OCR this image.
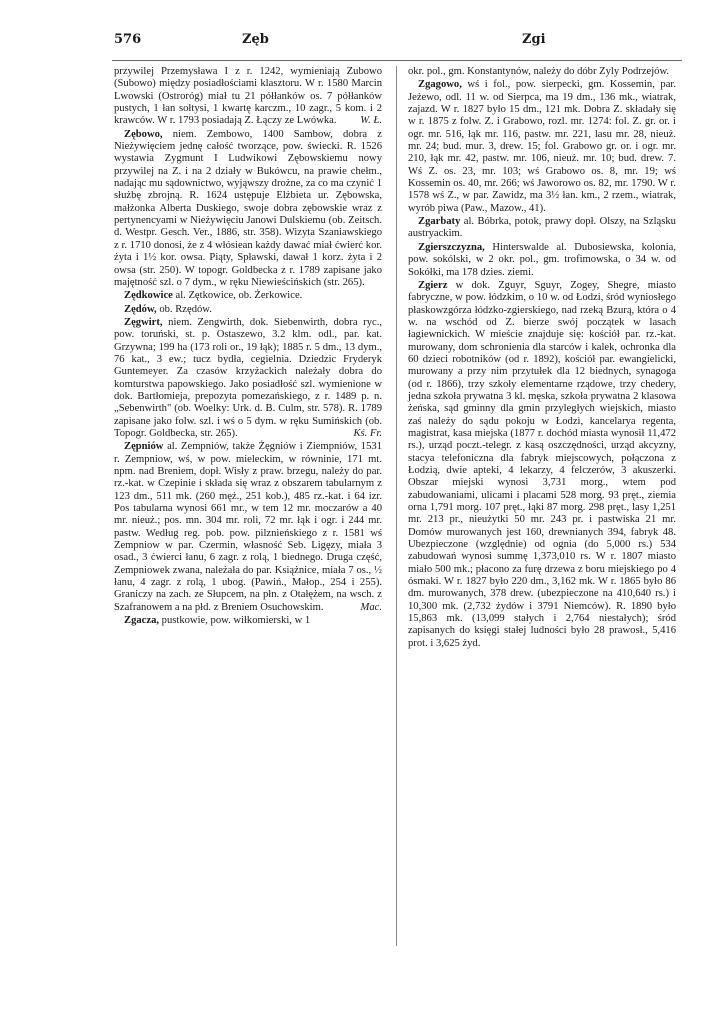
576	Zęb	Zgi

przywilej Przemysława I z r. 1242, wymieniają Zubowo (Subowo) między posiadłościami klasztoru. W r. 1580 Marcin Lwowski (Ostroróg) miał tu 21 półłanków os. 7 półłanków pustych, 1 łan sołtysi, 1 kwartę karczm., 10 zagr., 5 kom. i 2 krawców. W r. 1793 posiadają Z. Łączy ze Lwówka.	W. Ł.

Zębowo, niem. Zembowo, 1400 Sambow, dobra z Nieżywięciem jednę całość tworzące, pow. świecki. R. 1526 wystawia Zygmunt I Ludwikowi Zębowskiemu nowy przywilej na Z. i na 2 działy w Bukówcu, na prawie chełm., nadając mu sądownictwo, wyjąwszy drożne, za co ma czynić 1 służbę zbrojną. R. 1624 ustępuje Elżbieta ur. Zębowska, małżonka Alberta Duskiego, swoje dobra zębowskie wraz z pertynencyami w Nieżywięciu Janowi Dulskiemu (ob. Zeitsch. d. Westpr. Gesch. Ver., 1886, str. 358). Wizyta Szaniawskiego z r. 1710 donosi, że z 4 włósiean każdy dawać miał ćwierć kor. żyta i 1½ kor. owsa. Piąty, Spławski, dawał 1 korz. żyta i 2 owsa (str. 250). W topogr. Goldbecka z r. 1789 zapisane jako majętność szl. o 7 dym., w ręku Niewieścińskich (str. 265).

Zędkowice al. Zętkowice, ob. Żerkowice.

Zędów, ob. Rzędów.

Zęgwirt, niem. Zengwirth, dok. Siebenwirth, dobra ryc., pow. toruński, st. p. Ostaszewo, 3.2 klm. odl., par. kat. Grzywna; 199 ha (173 roli or., 19 łąk); 1885 r. 5 dm., 13 dym., 76 kat., 3 ew.; tucz bydła, cegielnia. Dziedzic Fryderyk Guntemeyer. Za czasów krzyżackich należały dobra do komturstwa papowskiego. Jako posiadłość szl. wymienione w dok. Bartłomieja, prepozyta pomezańskiego, z r. 1489 p. n. „Sebenwirth" (ob. Woelky: Urk. d. B. Culm, str. 578). R. 1789 zapisane jako folw. szl. i wś o 5 dym. w ręku Sumińskich (ob. Topogr. Goldbecka, str. 265).	Kś. Fr.

Zępniów al. Zempniów, także Żęgniów i Ziempniów, 1531 r. Zempniow, wś, w pow. mieleckim, w równinie, 171 mt. npm. nad Breniem, dopł. Wisły z praw. brzegu, należy do par. rz.-kat. w Czepinie i składa się wraz z obszarem tabularnym z 123 dm., 511 mk. (260 męż., 251 kob.), 485 rz.-kat. i 64 izr. Pos tabularna wynosi 661 mr., w tem 12 mr. moczarów a 40 mr. nieuż.; pos. mn. 304 mr. roli, 72 mr. łąk i ogr. i 244 mr. pastw. Według reg. pob. pow. pilznieńskiego z r. 1581 wś Zempniow w par. Czermin, własność Seb. Ligęzy, miała 3 osad., 3 ćwierci łanu, 6 zagr. z rolą, 1 biednego. Druga część, Zempniowek zwana, należała do par. Książnice, miała 7 os., ½ łanu, 4 zagr. z rolą, 1 ubog. (Pawiń., Małop., 254 i 255). Graniczy na zach. ze Słupcem, na płn. z Otałężem, na wsch. z Szafranowem a na płd. z Breniem Osuchowskim.	Mac.

Zgacza, pustkowie, pow. wiłkomierski, w 1

okr. pol., gm. Konstantynów, należy do dóbr Zyly Podrzejów.

Zgagowo, wś i fol., pow. sierpecki, gm. Kossemin, par. Jeżewo, odl. 11 w. od Sierpca, ma 19 dm., 136 mk., wiatrak, zajazd. W r. 1827 było 15 dm., 121 mk. Dobra Z. składały się w r. 1875 z folw. Z. i Grabowo, rozl. mr. 1274: fol. Z. gr. or. i ogr. mr. 516, łąk mr. 116, pastw. mr. 221, lasu mr. 28, nieuż. mr. 24; bud. mur. 3, drew. 15; fol. Grabowo gr. or. i ogr. mr. 210, łąk mr. 42, pastw. mr. 106, nieuż. mr. 10; bud. drew. 7. Wś Z. os. 23, mr. 103; wś Grabowo os. 8, mr. 19; wś Kossemin os. 40, mr. 266; wś Jaworowo os. 82, mr. 1790. W r. 1578 wś Z., w par. Zawidz, ma 3½ łan. km., 2 rzem., wiatrak, wyrób piwa (Paw., Mazow., 41).

Zgarbaty al. Bóbrka, potok, prawy dopł. Olszy, na Szląsku austryackim.

Zgierszczyzna, Hinterswalde al. Dubosiewska, kolonia, pow. sokólski, w 2 okr. pol., gm. trofimowska, o 34 w. od Sokółki, ma 178 dzies. ziemi.

Zgierz w dok. Zguyr, Sguyr, Zogey, Shegre, miasto fabryczne, w pow. łódzkim, o 10 w. od Łodzi, śród wyniosłego płaskowzgórza łódzko-zgierskiego, nad rzeką Bzurą, która o 4 w. na wschód od Z. bierze swój początek w lasach łagiewnickich. W mieście znajduje się: kościół par. rz.-kat. murowany, dom schronienia dla starców i kalek, ochronka dla 60 dzieci robotników (od r. 1892), kościół par. ewangielicki, murowany a przy nim przytułek dla 12 biednych, synagoga (od r. 1866), trzy szkoły elementarne rządowe, trzy chedery, jedna szkoła prywatna 3 kl. męska, szkoła prywatna 2 klasowa żeńska, sąd gminny dla gmin przyległych wiejskich, miasto zaś należy do sądu pokoju w Łodzi, kancelarya regenta, magistrat, kasa miejska (1877 r. dochód miasta wynosił 11,472 rs.), urząd poczt.-telegr. z kasą oszczędności, urząd akcyzny, stacya telefoniczna dla fabryk miejscowych, połączona z Łodzią, dwie apteki, 4 lekarzy, 4 felczerów, 3 akuszerki. Obszar miejski wynosi 3,731 morg., wtem pod zabudowaniami, ulicami i placami 528 morg. 93 pręt., ziemia orna 1,791 morg. 107 pręt., łąki 87 morg. 298 pręt., lasy 1,251 mr. 213 pr., nieużytki 50 mr. 243 pr. i pastwiska 21 mr. Domów murowanych jest 160, drewnianych 394, fabryk 48. Ubezpieczone (względnie) od ognia (do 5,000 rs.) 534 zabudowań wynosi summę 1,373,010 rs. W r. 1807 miasto miało 500 mk.; płacono za furę drzewa z boru miejskiego po 4 ósmaki. W r. 1827 było 220 dm., 3,162 mk. W r. 1865 było 86 dm. murowanych, 378 drew. (ubezpieczone na 410,640 rs.) i 10,300 mk. (2,732 żydów i 3791 Niemców). R. 1890 było 15,863 mk. (13,099 stałych i 2,764 niestałych); śród zapisanych do księgi stałej ludności było 28 prawosł., 5,416 prot. i 3,625 żyd.
